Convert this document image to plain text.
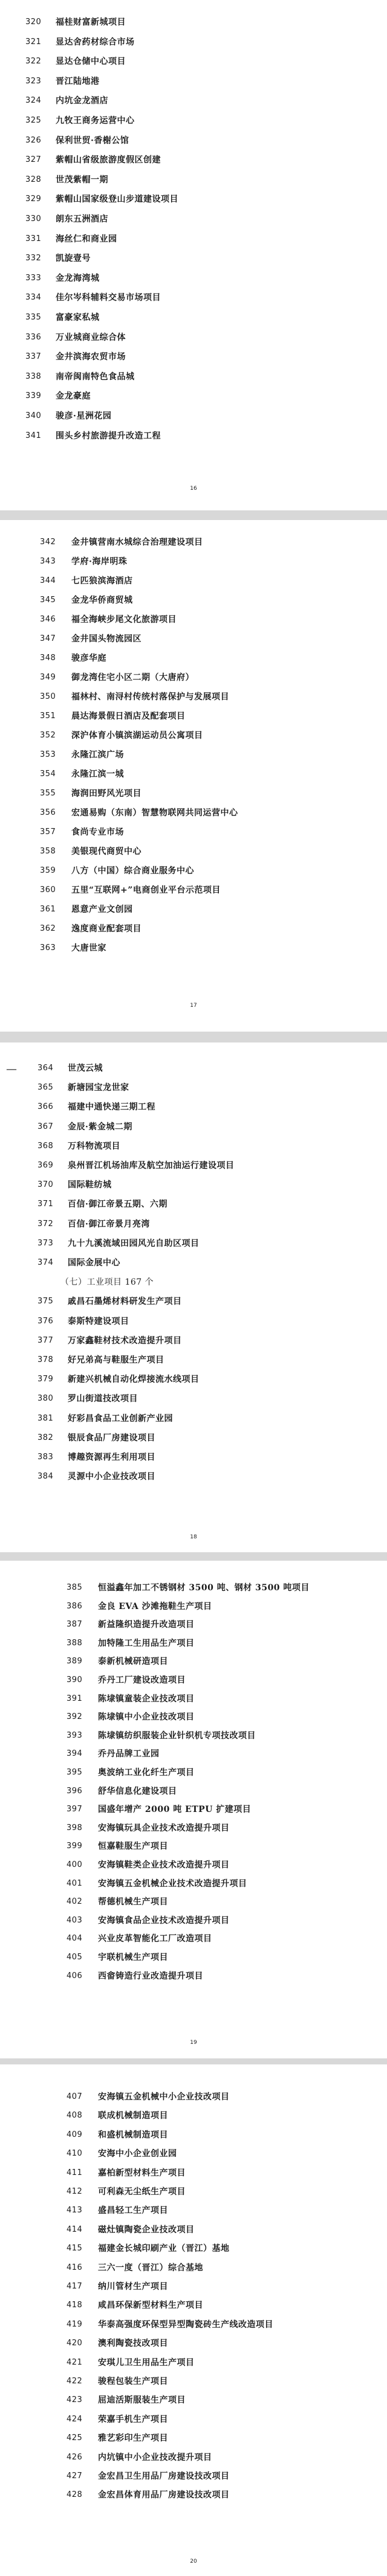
320 福桂财富新城项目
321 显达舍药材综合市场
322 显达仓储中心项目
323 晋江陆地港
324 内坑金龙酒店
325 九牧王商务运营中心
326 保利世贸·香榭公馆
327 紫帽山省级旅游度假区创建
328 世茂紫帽一期
329 紫帽山国家级登山步道建设项目
330 朗东五洲酒店
331 海丝仁和商业园
332 凯旋壹号
333 金龙海湾城
334 佳尔岑科辅料交易市场项目
335 富豪家私城
336 万业城商业综合体
337 金井滨海农贸市场
338 南帝闽南特色食品城
339 金龙豪庭
340 骏彦·星洲花园
341 围头乡村旅游提升改造工程
16
342 金井镇营南水城综合治理建设项目
343 学府·海岸明珠
344 七匹狼滨海酒店
345 金龙华侨商贸城
346 福全海峡步尾文化旅游项目
347 金井国头物流园区
348 骏彦华庭
349 御龙湾住宅小区二期（大唐府）
350 福林村、南浔村传统村落保护与发展项目
351 晨达海景假日酒店及配套项目
352 深沪体育小镇滨湖运动员公寓项目
353 永隆江滨广场
354 永隆江滨一城
355 海润田野风光项目
356 宏通易购（东南）智慧物联网共同运营中心
357 食尚专业市场
358 美银现代商贸中心
359 八方（中国）综合商业服务中心
360 五里“互联网+”电商创业平台示范项目
361 恩意产业文创园
362 逸度商业配套项目
363 大唐世家
17
364 世茂云城
365 新塘园宝龙世家
366 福建中通快递三期工程
367 金辰·紫金城二期
368 万科物流项目
369 泉州晋江机场油库及航空加油运行建设项目
370 国际鞋纺城
371 百信·御江帝景五期、六期
372 百信·御江帝景月亮湾
373 九十九溪流域田园风光自助区项目
374 国际金展中心
（七）工业项目 167 个
375 戚昌石墨烯材料研发生产项目
376 泰斯特建设项目
377 万家鑫鞋材技术改造提升项目
378 好兄弟高与鞋服生产项目
379 新建兴机械自动化焊接流水线项目
380 罗山街道技改项目
381 好彩昌食品工业创新产业园
382 银辰食品厂房建设项目
383 博趣资源再生利用项目
384 灵源中小企业技改项目
18
385 恒溢鑫年加工不锈钢材 3500 吨、钢材 3500 吨项目
386 金良 EVA 沙滩拖鞋生产项目
387 新益隆织造提升改造项目
388 加特隆工生用品生产项目
389 泰新机械研造项目
390 乔丹工厂建设改造项目
391 陈埭镇童装企业技改项目
392 陈埭镇中小企业技改项目
393 陈埭镇纺织服装企业针织机专项技改项目
394 乔丹品牌工业园
395 奥波纳工业化纤生产项目
396 舒华信息化建设项目
397 国盛年增产 2000 吨 ETPU 扩建项目
398 安海镇玩具企业技术改造提升项目
399 恒嘉鞋服生产项目
400 安海镇鞋类企业技术改造提升项目
401 安海镇五金机械企业技术改造提升项目
402 帮德机械生产项目
403 安海镇食品企业技术改造提升项目
404 兴业皮革智能化工厂改造项目
405 宇联机械生产项目
406 西畲铸造行业改造提升项目
19
407 安海镇五金机械中小企业技改项目
408 联成机械制造项目
409 和盛机械制造项目
410 安海中小企业创业园
411 嘉柏新型材料生产项目
412 可利森无尘纸生产项目
413 盛昌轻工生产项目
414 磁灶镇陶瓷企业技改项目
415 福建金长城印刷产业（晋江）基地
416 三六一度（晋江）综合基地
417 纳川管材生产项目
418 咸昌环保新型材料生产项目
419 华泰高强度环保型异型陶瓷砖生产线改造项目
420 澳利陶瓷技改项目
421 安琪儿卫生用品生产项目
422 骏程包装生产项目
423 屈迪活斯服装生产项目
424 荣嘉手机生产项目
425 雅艺彩印生产项目
426 内坑镇中小企业技改提升项目
427 金宏昌卫生用品厂房建设技改项目
428 金宏昌体育用品厂房建设技改项目
20
—
